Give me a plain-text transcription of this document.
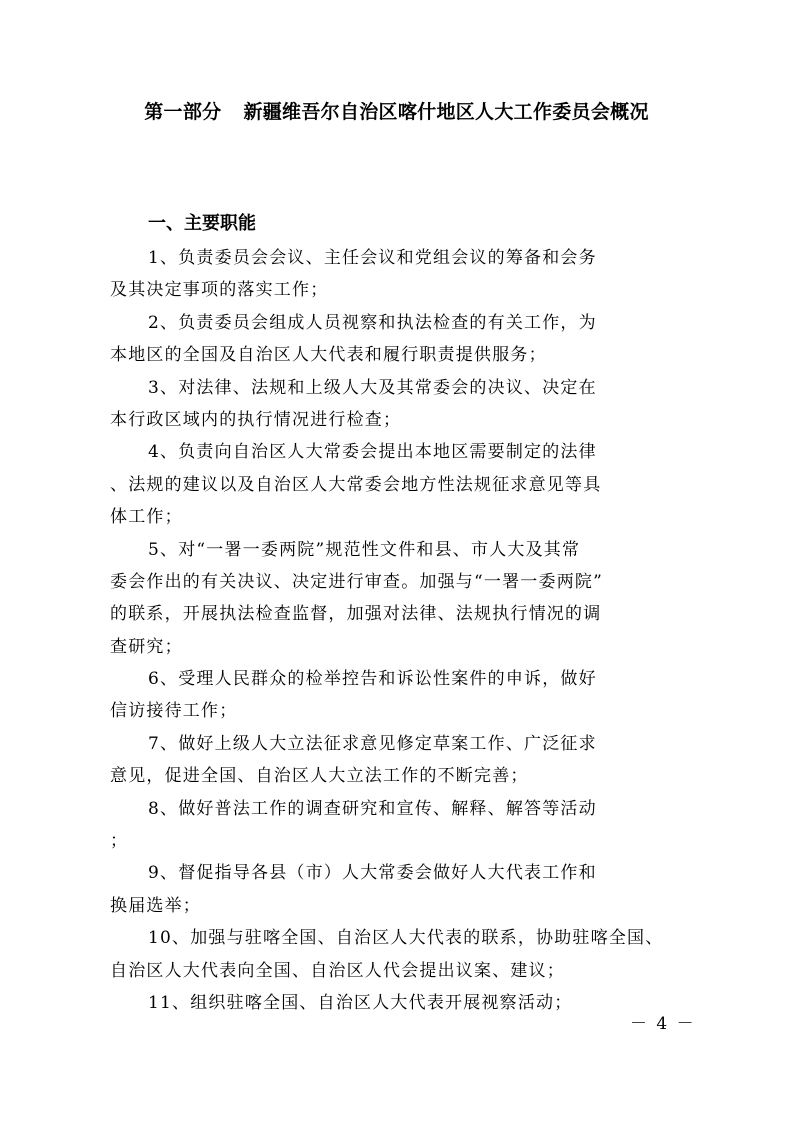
第一部分 新疆维吾尔自治区喀什地区人大工作委员会概况
一、主要职能
1、负责委员会会议、主任会议和党组会议的筹备和会务
及其决定事项的落实工作；
2、负责委员会组成人员视察和执法检查的有关工作，为
本地区的全国及自治区人大代表和履行职责提供服务；
3、对法律、法规和上级人大及其常委会的决议、决定在
本行政区域内的执行情况进行检查；
4、负责向自治区人大常委会提出本地区需要制定的法律
、法规的建议以及自治区人大常委会地方性法规征求意见等具
体工作；
5、对“一署一委两院”规范性文件和县、市人大及其常
委会作出的有关决议、决定进行审查。加强与“一署一委两院”
的联系，开展执法检查监督，加强对法律、法规执行情况的调
查研究；
6、受理人民群众的检举控告和诉讼性案件的申诉，做好
信访接待工作；
7、做好上级人大立法征求意见修定草案工作、广泛征求
意见，促进全国、自治区人大立法工作的不断完善；
8、做好普法工作的调查研究和宣传、解释、解答等活动
；
9、督促指导各县（市）人大常委会做好人大代表工作和
换届选举；
10、加强与驻喀全国、自治区人大代表的联系，协助驻喀全国、
自治区人大代表向全国、自治区人代会提出议案、建议；
11、组织驻喀全国、自治区人大代表开展视察活动；
－ 4 －
